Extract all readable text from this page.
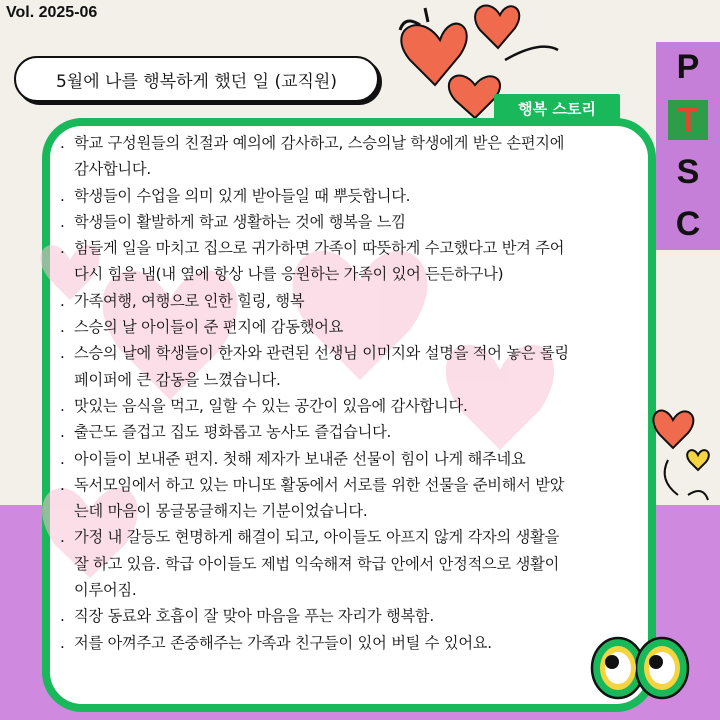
Vol. 2025-06
5월에 나를 행복하게 했던 일 (교직원)	P
T
S
C
행복 스토리
. 학교 구성원들의 친절과 예의에 감사하고, 스승의날 학생에게 받은 손편지에
감사합니다.
. 학생들이 수업을 의미 있게 받아들일 때 뿌듯합니다.
. 학생들이 활발하게 학교 생활하는 것에 행복을 느낌
. 힘들게 일을 마치고 집으로 귀가하면 가족이 따뜻하게 수고했다고 반겨 주어
다시 힘을 냄(내 옆에 항상 나를 응원하는 가족이 있어 든든하구나)
. 가족여행, 여행으로 인한 힐링, 행복
. 스승의 날 아이들이 준 편지에 감동했어요
. 스승의 날에 학생들이 한자와 관련된 선생님 이미지와 설명을 적어 놓은 롤링
페이퍼에 큰 감동을 느꼈습니다.
. 맛있는 음식을 먹고, 일할 수 있는 공간이 있음에 감사합니다.
. 출근도 즐겁고 집도 평화롭고 농사도 즐겁습니다.
. 아이들이 보내준 편지. 첫해 제자가 보내준 선물이 힘이 나게 해주네요
. 독서모임에서 하고 있는 마니또 활동에서 서로를 위한 선물을 준비해서 받았
는데 마음이 몽글몽글해지는 기분이었습니다.
. 가정 내 갈등도 현명하게 해결이 되고, 아이들도 아프지 않게 각자의 생활을
잘 하고 있음. 학급 아이들도 제법 익숙해져 학급 안에서 안정적으로 생활이
이루어짐.
. 직장 동료와 호흡이 잘 맞아 마음을 푸는 자리가 행복함.
. 저를 아껴주고 존중해주는 가족과 친구들이 있어 버틸 수 있어요.
